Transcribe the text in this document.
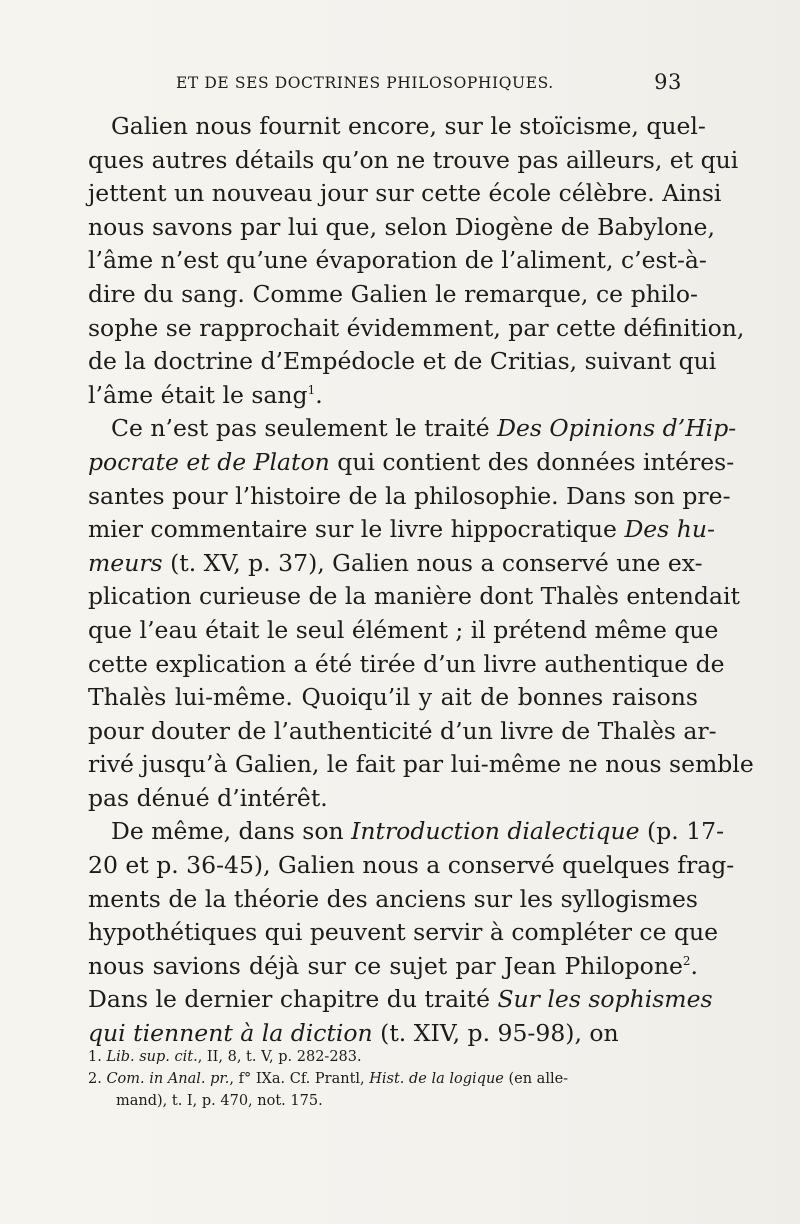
ET DE SES DOCTRINES PHILOSOPHIQUES.	93
Galien nous fournit encore, sur le stoïcisme, quel-
ques autres détails qu’on ne trouve pas ailleurs, et qui
jettent un nouveau jour sur cette école célèbre. Ainsi
nous savons par lui que, selon Diogène de Babylone,
l’âme n’est qu’une évaporation de l’aliment, c’est-à-
dire du sang. Comme Galien le remarque, ce philo-
sophe se rapprochait évidemment, par cette définition,
de la doctrine d’Empédocle et de Critias, suivant qui
l’âme était le sang$^1$.
Ce n’est pas seulement le traité Des Opinions d’Hip-
pocrate et de Platon qui contient des données intéres-
santes pour l’histoire de la philosophie. Dans son pre-
mier commentaire sur le livre hippocratique Des hu-
meurs (t. XV, p. 37), Galien nous a conservé une ex-
plication curieuse de la manière dont Thalès entendait
que l’eau était le seul élément ; il prétend même que
cette explication a été tirée d’un livre authentique de
Thalès lui-même. Quoiqu’il y ait de bonnes raisons
pour douter de l’authenticité d’un livre de Thalès ar-
rivé jusqu’à Galien, le fait par lui-même ne nous semble
pas dénué d’intérêt.
De même, dans son Introduction dialectique (p. 17-
20 et p. 36-45), Galien nous a conservé quelques frag-
ments de la théorie des anciens sur les syllogismes
hypothétiques qui peuvent servir à compléter ce que
nous savions déjà sur ce sujet par Jean Philopone$^2$.
Dans le dernier chapitre du traité Sur les sophismes
qui tiennent à la diction (t. XIV, p. 95-98), on
1. Lib. sup. cit., II, 8, t. V, p. 282-283.
2. Com. in Anal. pr., f° IXa. Cf. Prantl, Hist. de la logique (en alle-
mand), t. I, p. 470, not. 175.
